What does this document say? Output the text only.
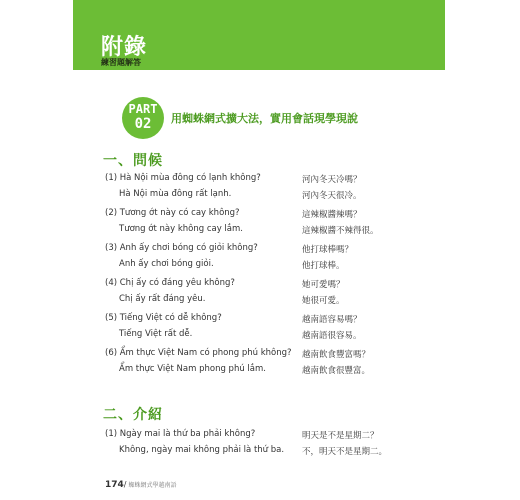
附錄
練習題解答
PART
02	用蜘蛛網式擴大法，實用會話現學現說
一、問候
(1) Hà Nội mùa đông có lạnh không?	河內冬天冷嗎？
Hà Nội mùa đông rất lạnh.	河內冬天很冷。
(2) Tương ớt này có cay không?	這辣椒醬辣嗎？
Tương ớt này không cay lắm.	這辣椒醬不辣得很。
(3) Anh ấy chơi bóng có giỏi không?	他打球棒嗎？
Anh ấy chơi bóng giỏi.	他打球棒。
(4) Chị ấy có đáng yêu không?	她可愛嗎？
Chị ấy rất đáng yêu.	她很可愛。
(5) Tiếng Việt có dễ không?	越南語容易嗎？
Tiếng Việt rất dễ.	越南語很容易。
(6) Ẩm thực Việt Nam có phong phú không? 越南飲食豐富嗎？
Ẩm thực Việt Nam phong phú lắm.	越南飲食很豐富。
二、介紹
(1) Ngày mai là thứ ba phải không?	明天是不是星期二？
Không, ngày mai không phải là thứ ba. 不，明天不是星期二。
174/ 蜘蛛網式學越南語
